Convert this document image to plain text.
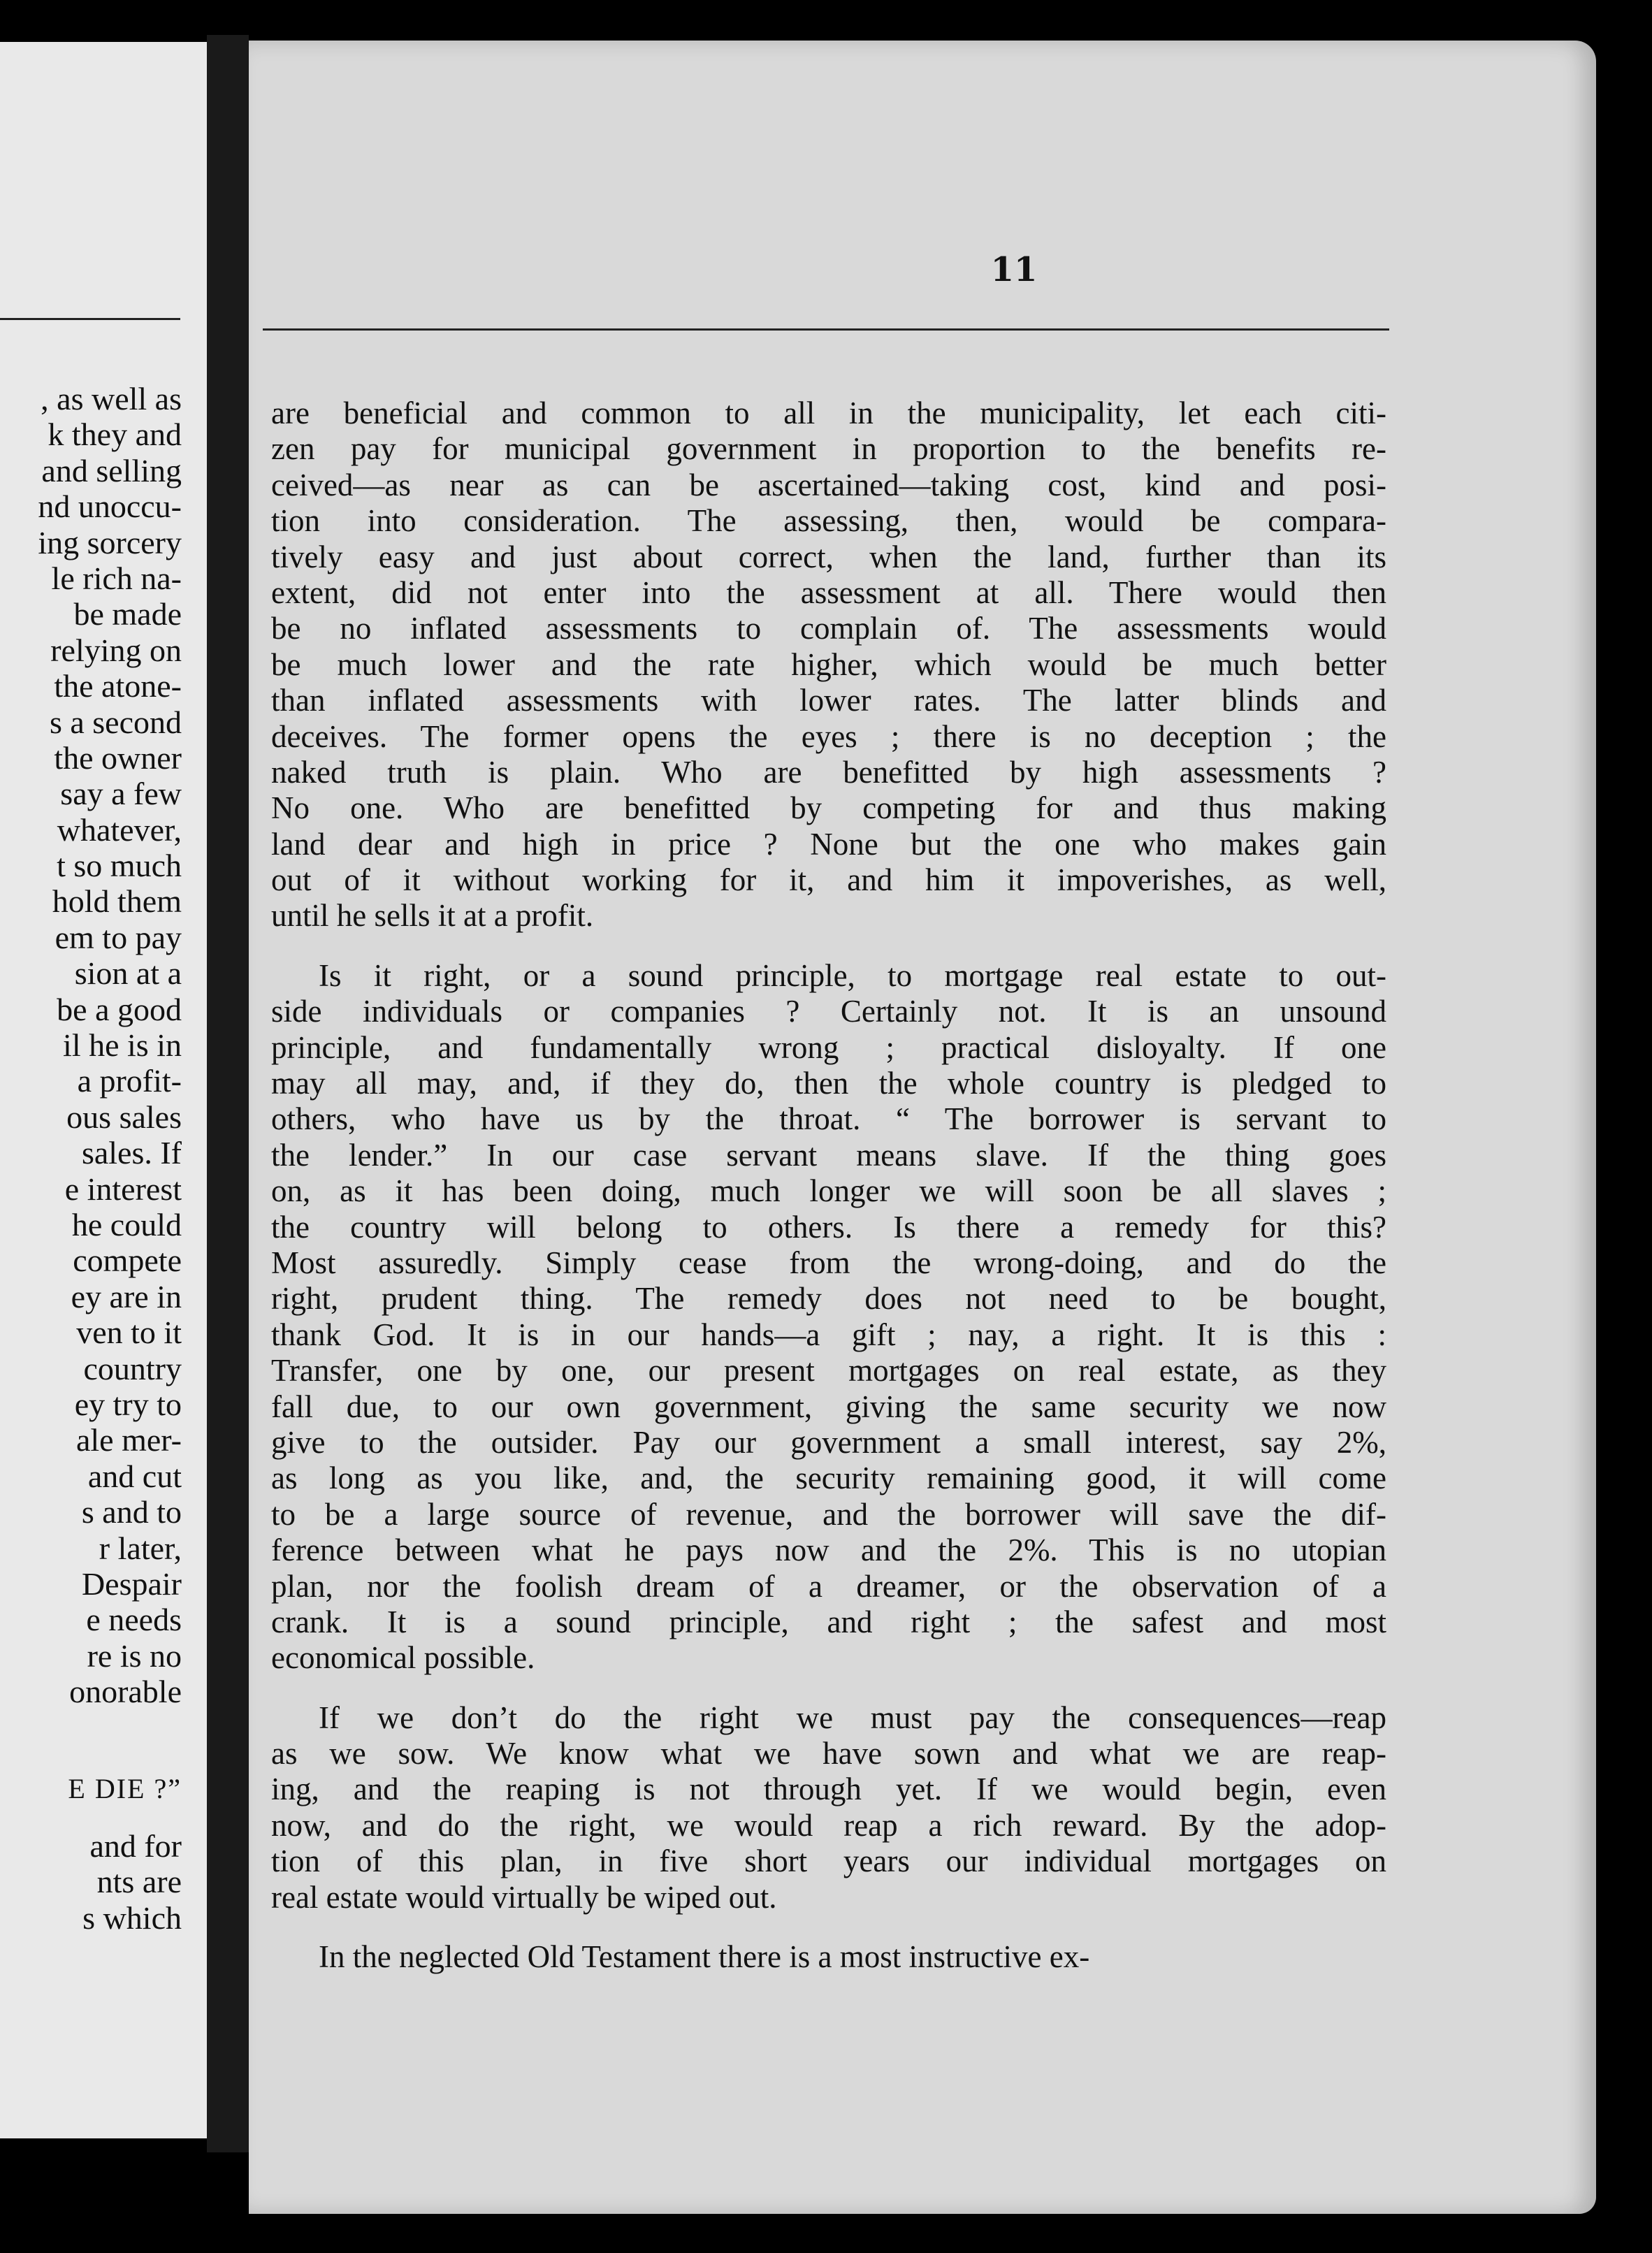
, as well as
k they and
and selling
nd unoccu-
ing sorcery
le rich na-
be made
relying on
the atone-
s a second
the owner
say a few
whatever,
t so much
hold them
em to pay
sion at a
be a good
il he is in
a profit-
ous sales
sales. If
e interest
he could
compete
ey are in
ven to it
country
ey try to
ale mer-
and cut
s and to
r later,
Despair
e needs
re is no
onorable
E DIE ?”
and for
nts are
s which
11
are beneficial and common to all in the municipality, let each citi-
zen pay for municipal government in proportion to the benefits re-
ceived—as near as can be ascertained—taking cost, kind and posi-
tion into consideration. The assessing, then, would be compara-
tively easy and just about correct, when the land, further than its
extent, did not enter into the assessment at all. There would then
be no inflated assessments to complain of. The assessments would
be much lower and the rate higher, which would be much better
than inflated assessments with lower rates. The latter blinds and
deceives. The former opens the eyes ; there is no deception ; the
naked truth is plain. Who are benefitted by high assessments ?
No one. Who are benefitted by competing for and thus making
land dear and high in price ? None but the one who makes gain
out of it without working for it, and him it impoverishes, as well,
until he sells it at a profit.
Is it right, or a sound principle, to mortgage real estate to out-
side individuals or companies ? Certainly not. It is an unsound
principle, and fundamentally wrong ; practical disloyalty. If one
may all may, and, if they do, then the whole country is pledged to
others, who have us by the throat. “ The borrower is servant to
the lender.” In our case servant means slave. If the thing goes
on, as it has been doing, much longer we will soon be all slaves ;
the country will belong to others. Is there a remedy for this?
Most assuredly. Simply cease from the wrong-doing, and do the
right, prudent thing. The remedy does not need to be bought,
thank God. It is in our hands—a gift ; nay, a right. It is this :
Transfer, one by one, our present mortgages on real estate, as they
fall due, to our own government, giving the same security we now
give to the outsider. Pay our government a small interest, say 2%,
as long as you like, and, the security remaining good, it will come
to be a large source of revenue, and the borrower will save the dif-
ference between what he pays now and the 2%. This is no utopian
plan, nor the foolish dream of a dreamer, or the observation of a
crank. It is a sound principle, and right ; the safest and most
economical possible.
If we don’t do the right we must pay the consequences—reap
as we sow. We know what we have sown and what we are reap-
ing, and the reaping is not through yet. If we would begin, even
now, and do the right, we would reap a rich reward. By the adop-
tion of this plan, in five short years our individual mortgages on
real estate would virtually be wiped out.
In the neglected Old Testament there is a most instructive ex-
